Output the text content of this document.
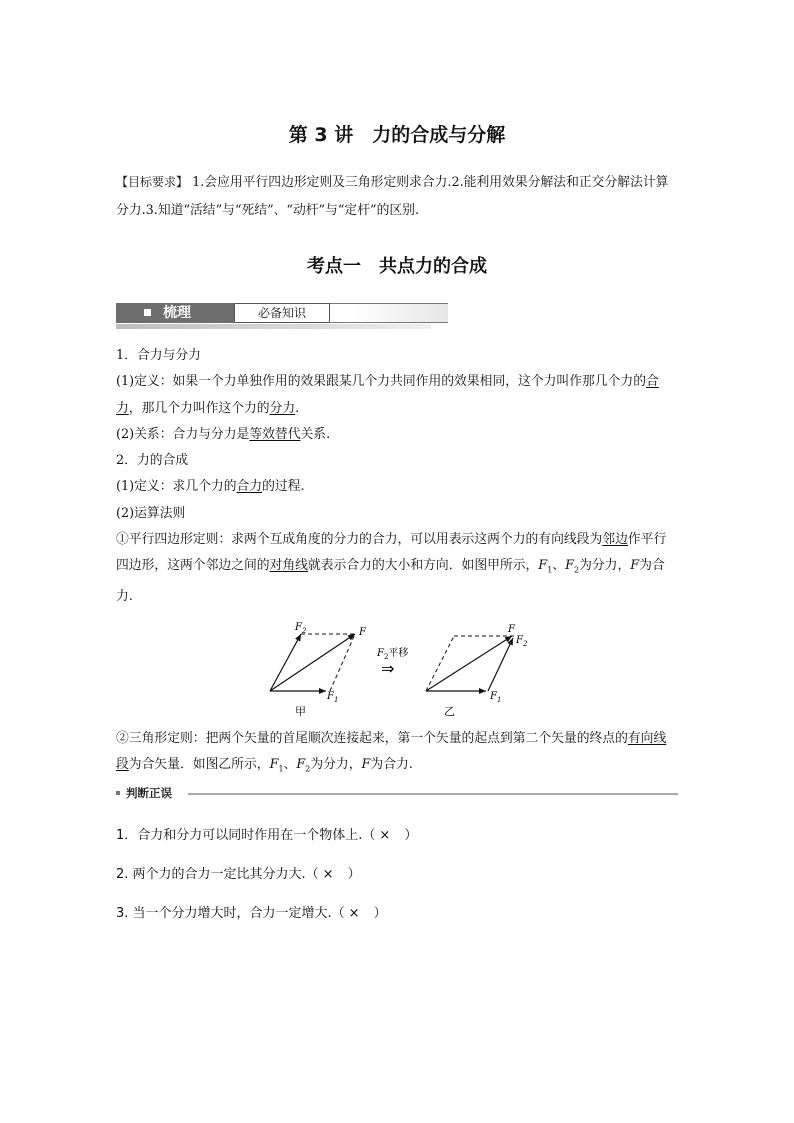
第 3 讲　力的合成与分解
【目标要求】 1.会应用平行四边形定则及三角形定则求合力.2.能利用效果分解法和正交分解法计算分力.3.知道“活结”与“死结”、“动杆”与“定杆”的区别.
考点一　共点力的合成
梳理	必备知识

1．合力与分力

(1)定义：如果一个力单独作用的效果跟某几个力共同作用的效果相同，这个力叫作那几个力的合力，那几个力叫作这个力的分力.

(2)关系：合力与分力是等效替代关系.

2．力的合成

(1)定义：求几个力的合力的过程.

(2)运算法则

①平行四边形定则：求两个互成角度的分力的合力，可以用表示这两个力的有向线段为邻边作平行四边形，这两个邻边之间的对角线就表示合力的大小和方向．如图甲所示，$F_1$、$F_2$为分力，F为合力.

$F_2$	F
$F_1$
甲
$F_2$平移
⇒
F
$F_2$
$F_1$
乙

②三角形定则：把两个矢量的首尾顺次连接起来，第一个矢量的起点到第二个矢量的终点的有向线段为合矢量．如图乙所示，$F_1$、$F_2$为分力，F为合力.

判断正误
1．合力和分力可以同时作用在一个物体上.（ × ）
2. 两个力的合力一定比其分力大.（ × ）
3. 当一个分力增大时，合力一定增大.（ × ）
